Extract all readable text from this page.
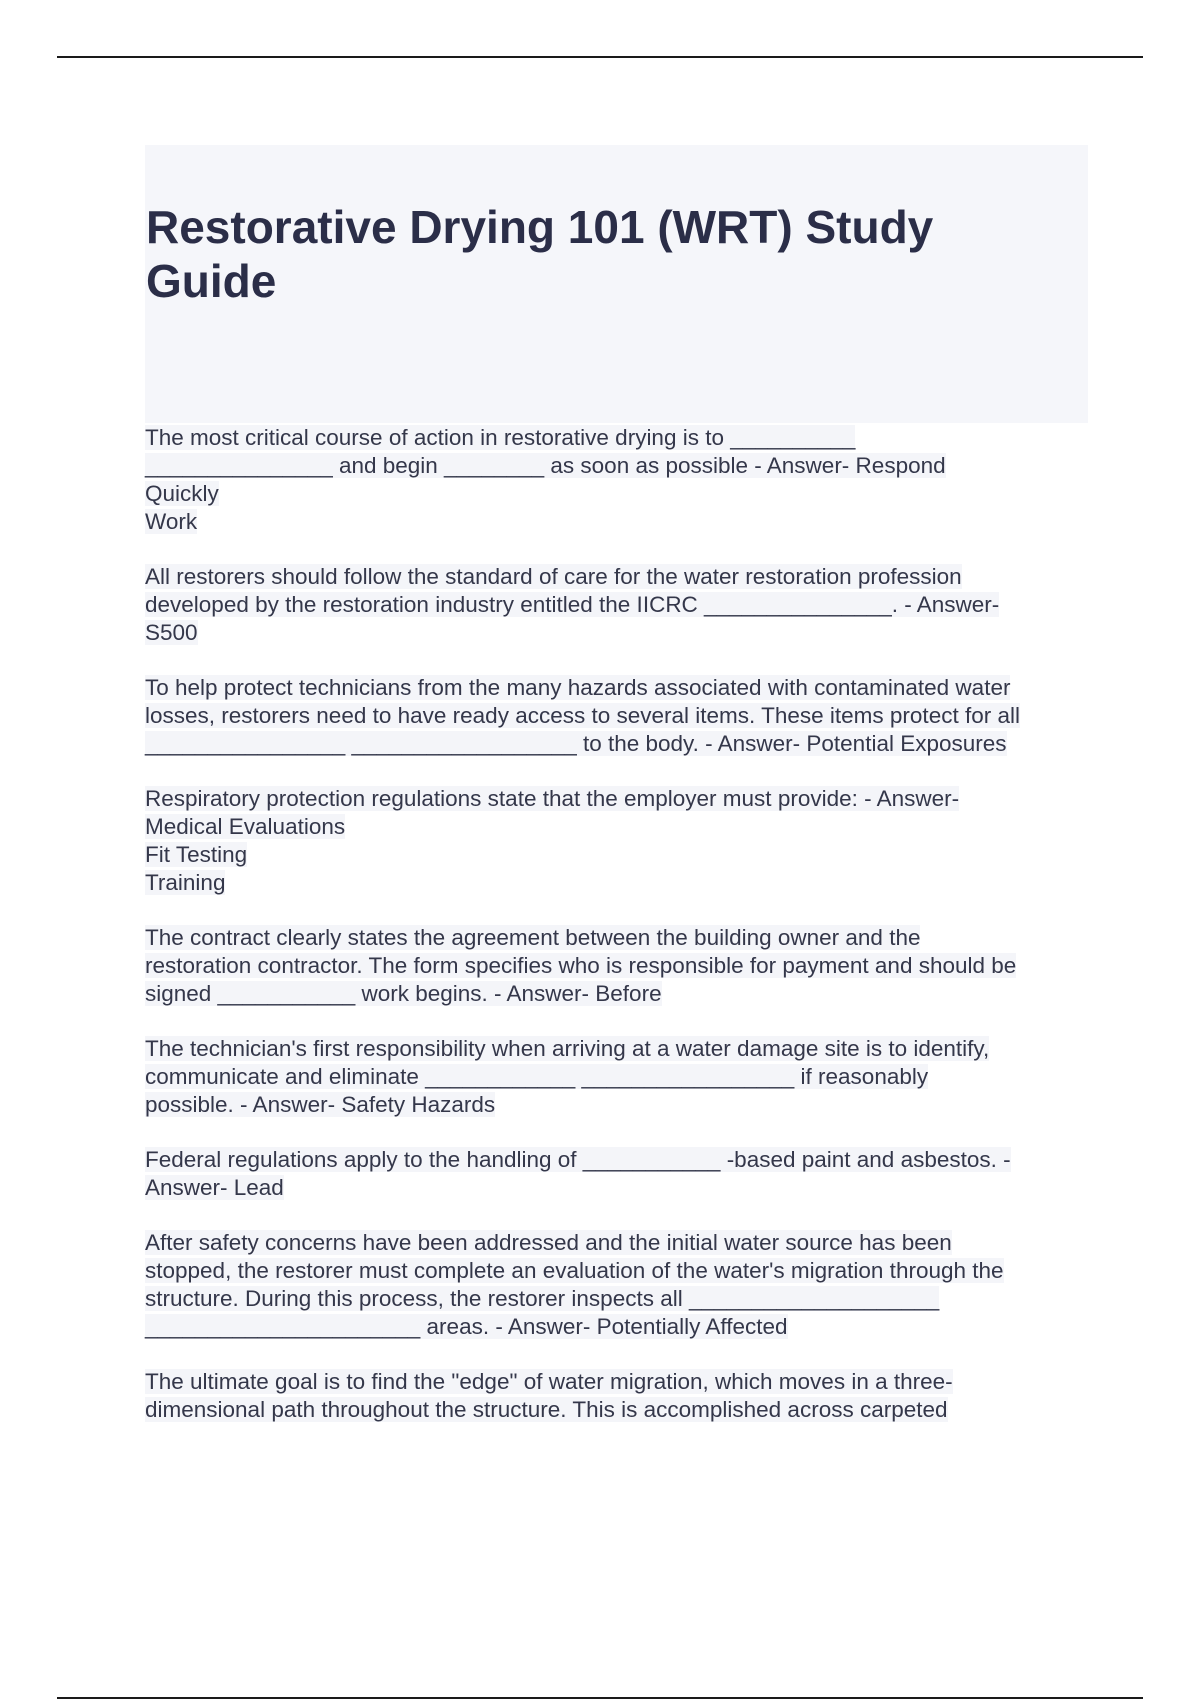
Restorative Drying 101 (WRT) Study
Guide
The most critical course of action in restorative drying is to __________
_______________ and begin ________ as soon as possible - Answer- Respond
Quickly
Work
All restorers should follow the standard of care for the water restoration profession
developed by the restoration industry entitled the IICRC _______________. - Answer-
S500
To help protect technicians from the many hazards associated with contaminated water
losses, restorers need to have ready access to several items. These items protect for all
________________ __________________ to the body. - Answer- Potential Exposures
Respiratory protection regulations state that the employer must provide: - Answer-
Medical Evaluations
Fit Testing
Training
The contract clearly states the agreement between the building owner and the
restoration contractor. The form specifies who is responsible for payment and should be
signed ___________ work begins. - Answer- Before
The technician's first responsibility when arriving at a water damage site is to identify,
communicate and eliminate ____________ _________________ if reasonably
possible. - Answer- Safety Hazards
Federal regulations apply to the handling of ___________ -based paint and asbestos. -
Answer- Lead
After safety concerns have been addressed and the initial water source has been
stopped, the restorer must complete an evaluation of the water's migration through the
structure. During this process, the restorer inspects all ____________________
______________________ areas. - Answer- Potentially Affected
The ultimate goal is to find the "edge" of water migration, which moves in a three-
dimensional path throughout the structure. This is accomplished across carpeted
